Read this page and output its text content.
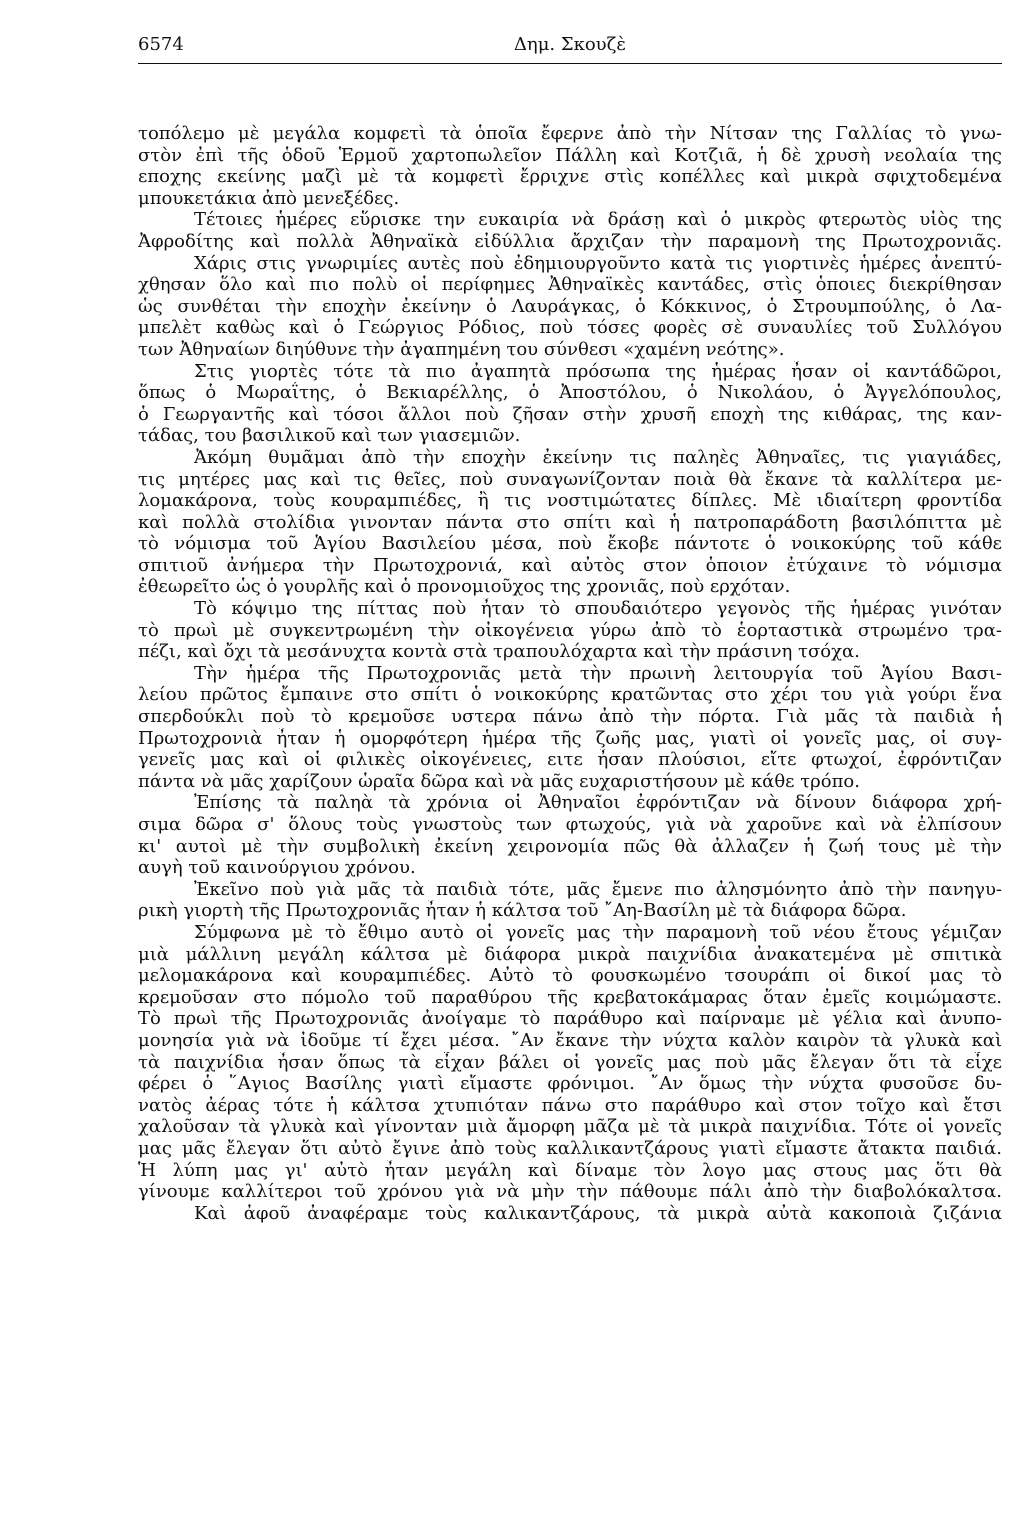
6574	Δημ. Σκουζὲ
τοπόλεμο μὲ μεγάλα κομφετὶ τὰ ὁποῖα ἔφερνε ἀπὸ τὴν Νίτσαν της Γαλλίας τὸ γνω-
στὸν ἐπὶ τῆς ὁδοῦ Ἑρμοῦ χαρτοπωλεῖον Πάλλη καὶ Κοτζιᾶ, ἡ δὲ χρυσὴ νεολαία της
εποχης εκείνης μαζὶ μὲ τὰ κομφετὶ ἔρριχνε στὶς κοπέλλες καὶ μικρὰ σφιχτοδεμένα
μπουκετάκια ἀπὸ μενεξέδες.
Τέτοιες ἡμέρες εὕρισκε την ευκαιρία νὰ δράσῃ καὶ ὁ μικρὸς φτερωτὸς υἱὸς της
Ἀφροδίτης καὶ πολλὰ Ἀθηναϊκὰ εἰδύλλια ἄρχιζαν τὴν παραμονὴ της Πρωτοχρονιᾶς.
Χάρις στις γνωριμίες αυτὲς ποὺ ἐδημιουργοῦντο κατὰ τις γιορτινὲς ἡμέρες ἀνεπτύ-
χθησαν ὅλο καὶ πιο πολὺ οἱ περίφημες Ἀθηναϊκὲς καντάδες, στὶς ὁποιες διεκρίθησαν
ὡς συνθέται τὴν εποχὴν ἐκείνην ὁ Λαυράγκας, ὁ Κόκκινος, ὁ Στρουμπούλης, ὁ Λα-
μπελὲτ καθὼς καὶ ὁ Γεώργιος Ρόδιος, ποὺ τόσες φορὲς σὲ συναυλίες τοῦ Συλλόγου
των Ἀθηναίων διηύθυνε τὴν ἀγαπημένη του σύνθεσι «χαμένη νεότης».
Στις γιορτὲς τότε τὰ πιο ἀγαπητὰ πρόσωπα της ἡμέρας ἦσαν οἱ καντάδῶροι,
ὅπως ὁ Μωραΐτης, ὁ Βεκιαρέλλης, ὁ Ἀποστόλου, ὁ Νικολάου, ὁ Ἀγγελόπουλος,
ὁ Γεωργαντῆς καὶ τόσοι ἄλλοι ποὺ ζῆσαν στὴν χρυσῆ εποχὴ της κιθάρας, της καν-
τάδας, του βασιλικοῦ καὶ των γιασεμιῶν.
Ἀκόμη θυμᾶμαι ἀπὸ τὴν εποχὴν ἐκείνην τις παληὲς Ἀθηναῖες, τις γιαγιάδες,
τις μητέρες μας καὶ τις θεῖες, ποὺ συναγωνίζονταν ποιὰ θὰ ἔκανε τὰ καλλίτερα με-
λομακάρονα, τοὺς κουραμπιέδες, ἢ τις νοστιμώτατες δίπλες. Μὲ ιδιαίτερη φροντίδα
καὶ πολλὰ στολίδια γινονταν πάντα στο σπίτι καὶ ἡ πατροπαράδοτη βασιλόπιττα μὲ
τὸ νόμισμα τοῦ Ἁγίου Βασιλείου μέσα, ποὺ ἔκοβε πάντοτε ὁ νοικοκύρης τοῦ κάθε
σπιτιοῦ ἀνήμερα τὴν Πρωτοχρονιά, καὶ αὐτὸς στον ὁποιον ἐτύχαινε τὸ νόμισμα
ἐθεωρεῖτο ὡς ὁ γουρλῆς καὶ ὁ προνομιοῦχος της χρονιᾶς, ποὺ ερχόταν.
Τὸ κόψιμο της πίττας ποὺ ἦταν τὸ σπουδαιότερο γεγονὸς τῆς ἡμέρας γινόταν
τὸ πρωὶ μὲ συγκεντρωμένη τὴν οἰκογένεια γύρω ἀπὸ τὸ ἑορταστικὰ στρωμένο τρα-
πέζι, καὶ ὄχι τὰ μεσάνυχτα κοντὰ στὰ τραπουλόχαρτα καὶ τὴν πράσινη τσόχα.
Τὴν ἡμέρα τῆς Πρωτοχρονιᾶς μετὰ τὴν πρωινὴ λειτουργία τοῦ Ἁγίου Βασι-
λείου πρῶτος ἔμπαινε στο σπίτι ὁ νοικοκύρης κρατῶντας στο χέρι του γιὰ γούρι ἕνα
σπερδούκλι ποὺ τὸ κρεμοῦσε υστερα πάνω ἀπὸ τὴν πόρτα. Γιὰ μᾶς τὰ παιδιὰ ἡ
Πρωτοχρονιὰ ἦταν ἡ ομορφότερη ἡμέρα τῆς ζωῆς μας, γιατὶ οἱ γονεῖς μας, οἱ συγ-
γενεῖς μας καὶ οἱ φιλικὲς οἰκογένειες, ειτε ἦσαν πλούσιοι, εἴτε φτωχοί, ἐφρόντιζαν
πάντα νὰ μᾶς χαρίζουν ὡραῖα δῶρα καὶ νὰ μᾶς ευχαριστήσουν μὲ κάθε τρόπο.
Ἐπίσης τὰ παληὰ τὰ χρόνια οἱ Ἀθηναῖοι ἐφρόντιζαν νὰ δίνουν διάφορα χρή-
σιμα δῶρα σ' ὅλους τοὺς γνωστοὺς των φτωχούς, γιὰ νὰ χαροῦνε καὶ νὰ ἐλπίσουν
κι' αυτοὶ μὲ τὴν συμβολικὴ ἐκείνη χειρονομία πῶς θὰ ἀλλαζεν ἡ ζωή τους μὲ τὴν
αυγὴ τοῦ καινούργιου χρόνου.
Ἐκεῖνο ποὺ γιὰ μᾶς τὰ παιδιὰ τότε, μᾶς ἔμενε πιο ἀλησμόνητο ἀπὸ τὴν πανηγυ-
ρικὴ γιορτὴ τῆς Πρωτοχρονιᾶς ἦταν ἡ κάλτσα τοῦ ῎Αη-Βασίλη μὲ τὰ διάφορα δῶρα.
Σύμφωνα μὲ τὸ ἔθιμο αυτὸ οἱ γονεῖς μας τὴν παραμονὴ τοῦ νέου ἔτους γέμιζαν
μιὰ μάλλινη μεγάλη κάλτσα μὲ διάφορα μικρὰ παιχνίδια ἀνακατεμένα μὲ σπιτικὰ
μελομακάρονα καὶ κουραμπιέδες. Αὐτὸ τὸ φουσκωμένο τσουράπι οἱ δικοί μας τὸ
κρεμοῦσαν στο πόμολο τοῦ παραθύρου τῆς κρεβατοκάμαρας ὅταν ἐμεῖς κοιμώμαστε.
Τὸ πρωὶ τῆς Πρωτοχρονιᾶς ἀνοίγαμε τὸ παράθυρο καὶ παίρναμε μὲ γέλια καὶ ἀνυπο-
μονησία γιὰ νὰ ἰδοῦμε τί ἔχει μέσα. ῎Αν ἔκανε τὴν νύχτα καλὸν καιρὸν τὰ γλυκὰ καὶ
τὰ παιχνίδια ἦσαν ὅπως τὰ εἶχαν βάλει οἱ γονεῖς μας ποὺ μᾶς ἔλεγαν ὅτι τὰ εἶχε
φέρει ὁ ῞Αγιος Βασίλης γιατὶ εἴμαστε φρόνιμοι. ῎Αν ὅμως τὴν νύχτα φυσοῦσε δυ-
νατὸς ἀέρας τότε ἡ κάλτσα χτυπιόταν πάνω στο παράθυρο καὶ στον τοῖχο καὶ ἔτσι
χαλοῦσαν τὰ γλυκὰ καὶ γίνονταν μιὰ ἄμορφη μᾶζα μὲ τὰ μικρὰ παιχνίδια. Τότε οἱ γονεῖς
μας μᾶς ἔλεγαν ὅτι αὐτὸ ἔγινε ἀπὸ τοὺς καλλικαντζάρους γιατὶ εἴμαστε ἄτακτα παιδιά.
Ἡ λύπη μας γι' αὐτὸ ἦταν μεγάλη καὶ δίναμε τὸν λογο μας στους μας ὅτι θὰ
γίνουμε καλλίτεροι τοῦ χρόνου γιὰ νὰ μὴν τὴν πάθουμε πάλι ἀπὸ τὴν διαβολόκαλτσα.
Καὶ ἀφοῦ ἀναφέραμε τοὺς καλικαντζάρους, τὰ μικρὰ αὐτὰ κακοποιὰ ζιζάνια
